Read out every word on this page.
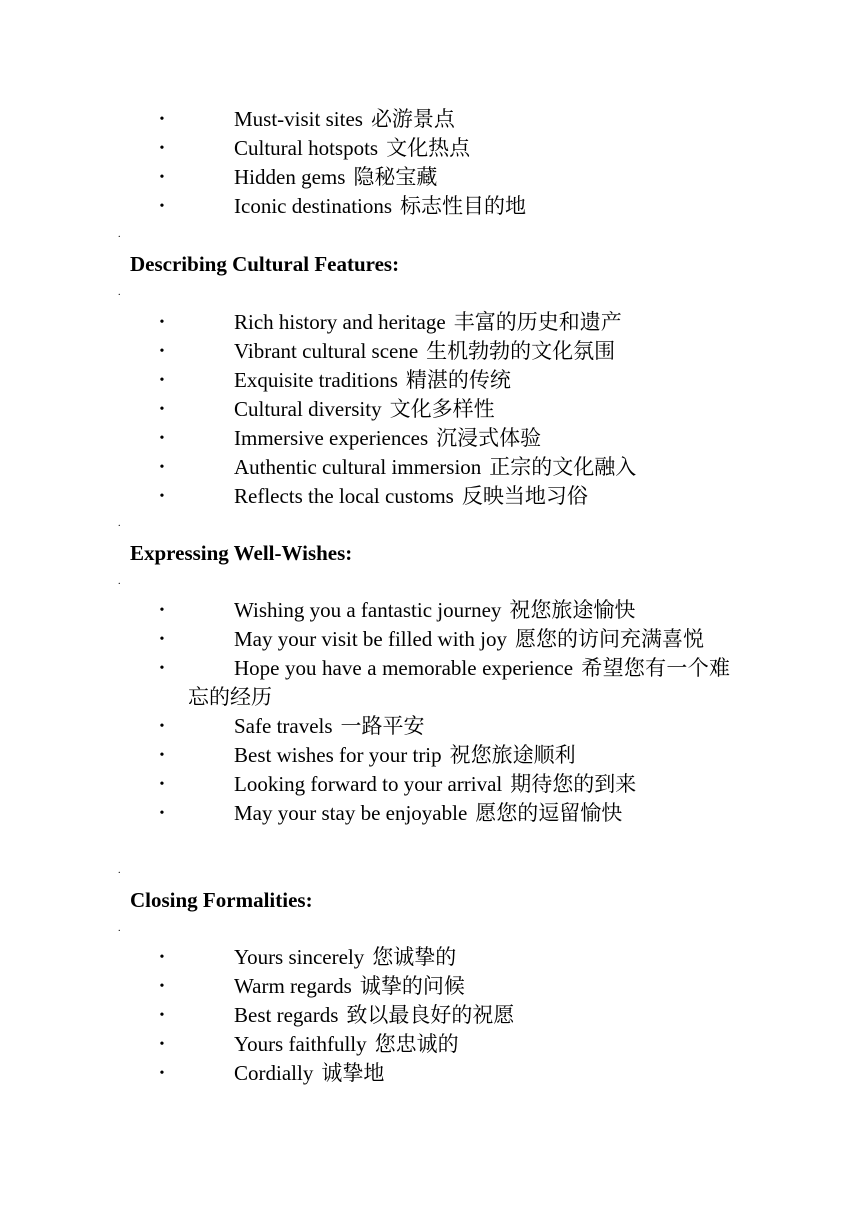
•	Must-visit sites 必游景点
•	Cultural hotspots 文化热点
•	Hidden gems 隐秘宝藏
•	Iconic destinations 标志性目的地
.
Describing Cultural Features:
.
•	Rich history and heritage 丰富的历史和遗产
•	Vibrant cultural scene 生机勃勃的文化氛围
•	Exquisite traditions 精湛的传统
•	Cultural diversity 文化多样性
•	Immersive experiences 沉浸式体验
•	Authentic cultural immersion 正宗的文化融入
•	Reflects the local customs 反映当地习俗
.
Expressing Well-Wishes:
.
•	Wishing you a fantastic journey 祝您旅途愉快
•	May your visit be filled with joy 愿您的访问充满喜悦
•	Hope you have a memorable experience 希望您有一个难忘的经历
•	Safe travels 一路平安
•	Best wishes for your trip 祝您旅途顺利
•	Looking forward to your arrival 期待您的到来
•	May your stay be enjoyable 愿您的逗留愉快
.
Closing Formalities:
.
•	Yours sincerely 您诚挚的
•	Warm regards 诚挚的问候
•	Best regards 致以最良好的祝愿
•	Yours faithfully 您忠诚的
•	Cordially 诚挚地
